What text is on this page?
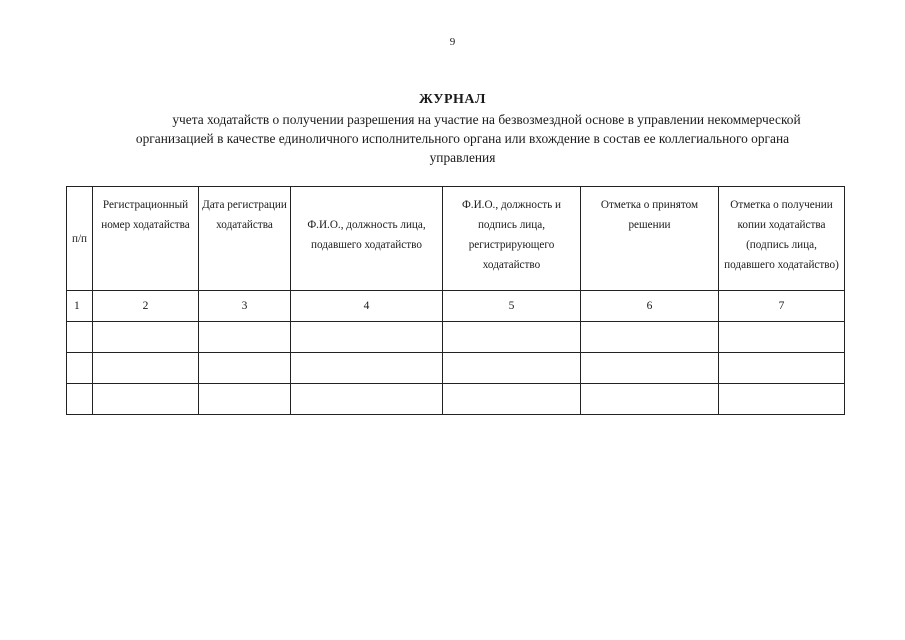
9
ЖУРНАЛ
учета ходатайств о получении разрешения на участие на безвозмездной основе в управлении некоммерческой
организацией в качестве единоличного исполнительного органа или вхождение в состав ее коллегиального органа
управления
п/п	Регистрационный номер ходатайства	Дата регистрации ходатайства	Ф.И.О., должность лица, подавшего ходатайство	Ф.И.О., должность и подпись лица, регистрирующего ходатайство	Отметка о принятом решении	Отметка о получении копии ходатайства (подпись лица, подавшего ходатайство)

1	2	3	4	5	6	7
